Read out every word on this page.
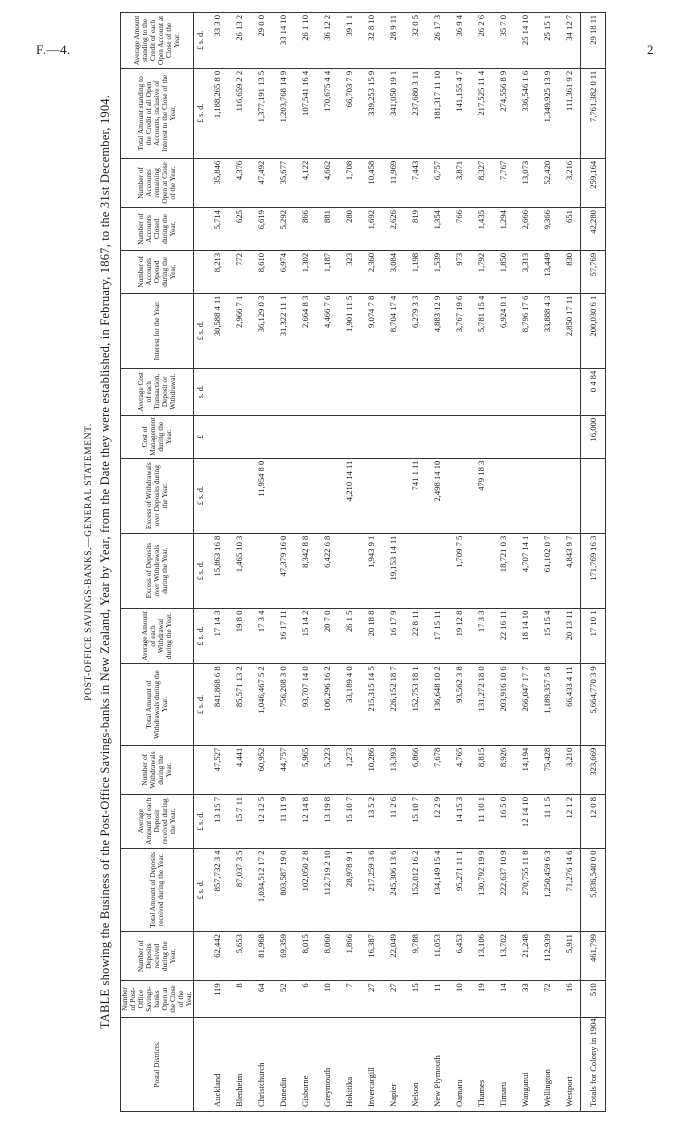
F.—4.	2
POST-OFFICE SAVINGS-BANKS.—GENERAL STATEMENT. TABLE showing the Business of the Post-Office Savings-banks in New Zealand, Year by Year, from the Date they were established, in February, 1867, to the 31st December, 1904.
Postal Districts.	Number of Post-Office Savings-banks Open at the Close of the Year.	Number of Deposits received during the Year.	Total Amount of Deposits received during the Year.	Average Amount of each Deposit received during the Year.	Number of Withdrawals during the Year.	Total Amount of Withdrawals during the Year.	Average Amount of each Withdrawal during the Year.	Excess of Deposits over Withdrawals during the Year.	Excess of Withdrawals over Deposits during the Year.	Cost of Management during the Year.	Average Cost of each Transaction, Deposit or Withdrawal.	Interest for the Year.	Number of Accounts Opened during the Year.	Number of Accounts Closed during the Year.	Number of Accounts remaining Open at Close of the Year.	Total Amount standing to the Credit of all Open Accounts, inclusive of Interest to the Close of the Year.	Average Amount standing to the Credit of each Open Account at Close of the Year.
			£ s. d.	£ s. d.		£ s. d.	£ s. d.	£ s. d.	£ s. d.	£	s. d.	£ s. d.				£ s. d.	£ s. d.
Auckland	119	62,442	857,732 3 4	13 15 7	47,527	841,868 6 8	17 14 3	15,863 16 8				30,588 4 11	8,213	5,714	35,846	1,188,265 8 0	33 3 0
Blenheim	8	5,653	87,037 3 5	15 7 11	4,441	85,571 13 2	19 8 0	1,465 10 3				2,966 7 1	772	625	4,376	116,659 2 2	26 13 2
Christchurch	64	81,968	1,034,512 17 2	12 12 5	60,952	1,046,467 5 2	17 3 4		11,954 8 0			36,129 0 3	8,610	6,619	47,492	1,377,191 13 5	29 0 0
Dunedin	52	69,359	803,587 19 0	11 11 9	44,757	756,208 3 0	16 17 11	47,379 16 0				31,322 11 1	6,974	5,292	35,677	1,203,768 14 9	33 14 10
Gisborne	6	8,015	102,050 2 8	12 14 8	5,965	93,707 14 0	15 14 2	8,342 8 8				2,664 8 3	1,302	866	4,122	107,541 16 4	26 1 10
Greymouth	10	8,060	112,719 2 10	13 19 8	5,223	106,296 16 2	20 7 0	6,422 6 8				4,466 7 6	1,187	881	4,662	170,675 4 4	36 12 2
Hokitika	7	1,866	28,978 9 1	15 10 7	1,273	33,189 4 0	26 1 5		4,210 14 11			1,901 11 5	323	280	1,708	66,703 7 9	39 1 1
Invercargill	27	16,387	217,259 3 6	13 5 2	10,286	215,315 14 5	20 18 8	1,943 9 1				9,074 7 8	2,360	1,692	10,458	339,253 15 9	32 8 10
Napier	27	22,049	245,306 13 6	11 2 6	13,393	226,152 18 7	16 17 9	19,153 14 11				8,704 17 4	3,084	2,626	11,969	341,050 19 1	28 9 11
Nelson	15	9,788	152,012 16 2	15 10 7	6,866	152,753 18 1	22 8 11		741 1 11			6,279 3 3	1,198	819	7,443	237,680 3 11	32 0 5
New Plymouth	11	11,053	134,149 15 4	12 2 9	7,678	136,648 10 2	17 15 11		2,498 14 10			4,883 12 9	1,539	1,354	6,757	181,317 11 10	26 17 3
Oamaru	10	6,453	95,271 11 1	14 15 3	4,765	93,562 3 8	19 12 8	1,709 7 5				3,767 19 6	973	766	3,871	141,155 4 7	36 9 4
Thames	19	13,106	130,792 19 9	11 10 1	8,815	131,272 18 0	17 3 3		479 18 3			5,781 15 4	1,792	1,435	8,327	217,525 11 4	26 2 6
Timaru	14	13,702	222,637 10 9	16 5 0	8,926	203,916 10 6	22 16 11	18,721 0 3				6,924 0 1	1,850	1,294	7,767	274,556 8 9	35 7 0
Wanganui	33	21,248	270,755 11 8	12 14 10	14,194	266,047 17 7	18 14 10	4,707 14 1				8,796 17 6	3,313	2,666	13,073	336,546 1 6	25 14 10
Wellington	72	112,939	1,250,459 6 3	11 1 5	75,428	1,189,357 5 8	15 15 4	61,102 0 7				33,888 4 3	13,449	9,366	52,420	1,349,925 13 9	25 15 1
Westport	16	5,911	71,276 14 6	12 1 2	3,210	66,433 4 11	20 13 11	4,843 9 7				2,850 17 11	830	651	3,216	111,361 9 2	34 12 7
Totals for Colony in 1904	510	461,799	5,836,540 0 0	12 0 8	323,669	5,664,770 3 9	17 10 1	171,769 16 3		16,000	0 4 84	200,030 6 1	57,769	42,280	259,164	7,761,382 0 11	29 18 11
